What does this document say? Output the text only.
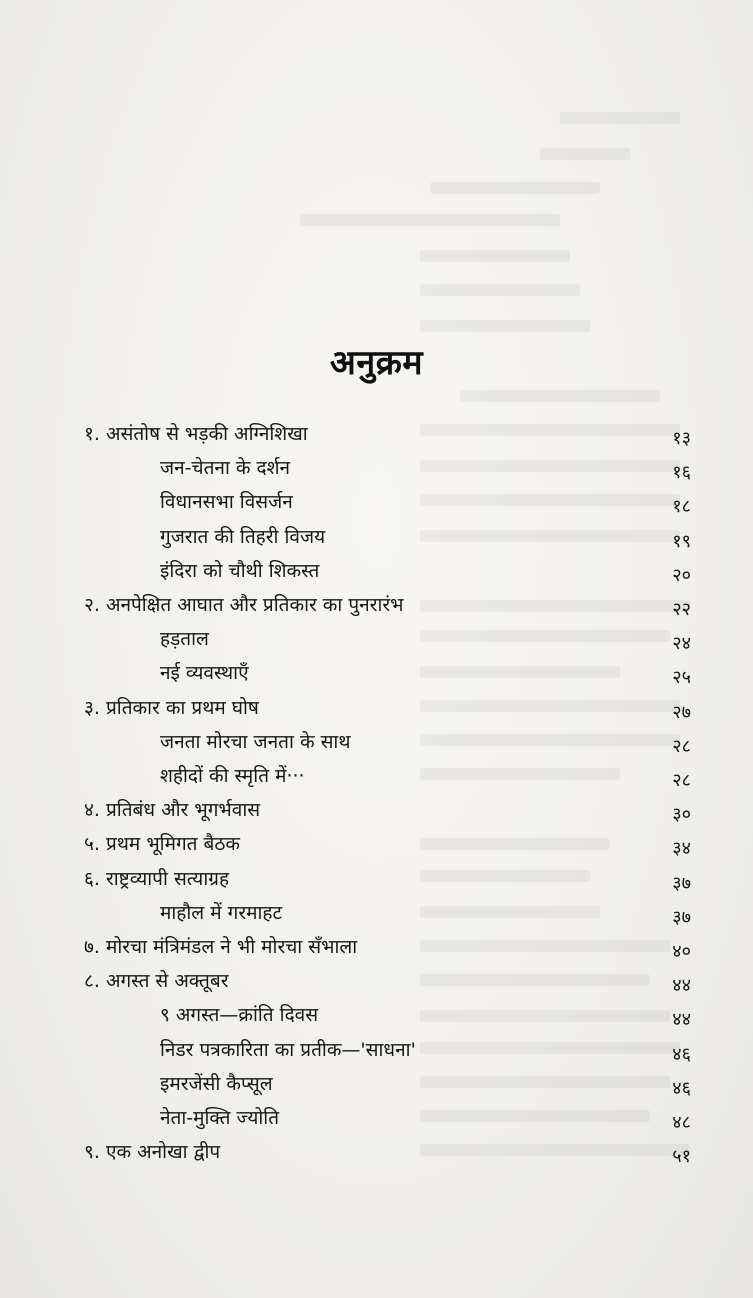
अनुक्रम
१. असंतोष से भड़की अग्निशिखा	१३
जन-चेतना के दर्शन	१६
विधानसभा विसर्जन	१८
गुजरात की तिहरी विजय	१९
इंदिरा को चौथी शिकस्त	२०
२. अनपेक्षित आघात और प्रतिकार का पुनरारंभ	२२
हड़ताल	२४
नई व्यवस्थाएँ	२५
३. प्रतिकार का प्रथम घोष	२७
जनता मोरचा जनता के साथ	२८
शहीदों की स्मृति में···	२८
४. प्रतिबंध और भूगर्भवास	३०
५. प्रथम भूमिगत बैठक	३४
६. राष्ट्रव्यापी सत्याग्रह	३७
माहौल में गरमाहट	३७
७. मोरचा मंत्रिमंडल ने भी मोरचा सँभाला	४०
८. अगस्त से अक्तूबर	४४
९ अगस्त—क्रांति दिवस	४४
निडर पत्रकारिता का प्रतीक—'साधना'	४६
इमरजेंसी कैप्सूल	४६
नेता-मुक्ति ज्योति	४८
९. एक अनोखा द्वीप	५१
